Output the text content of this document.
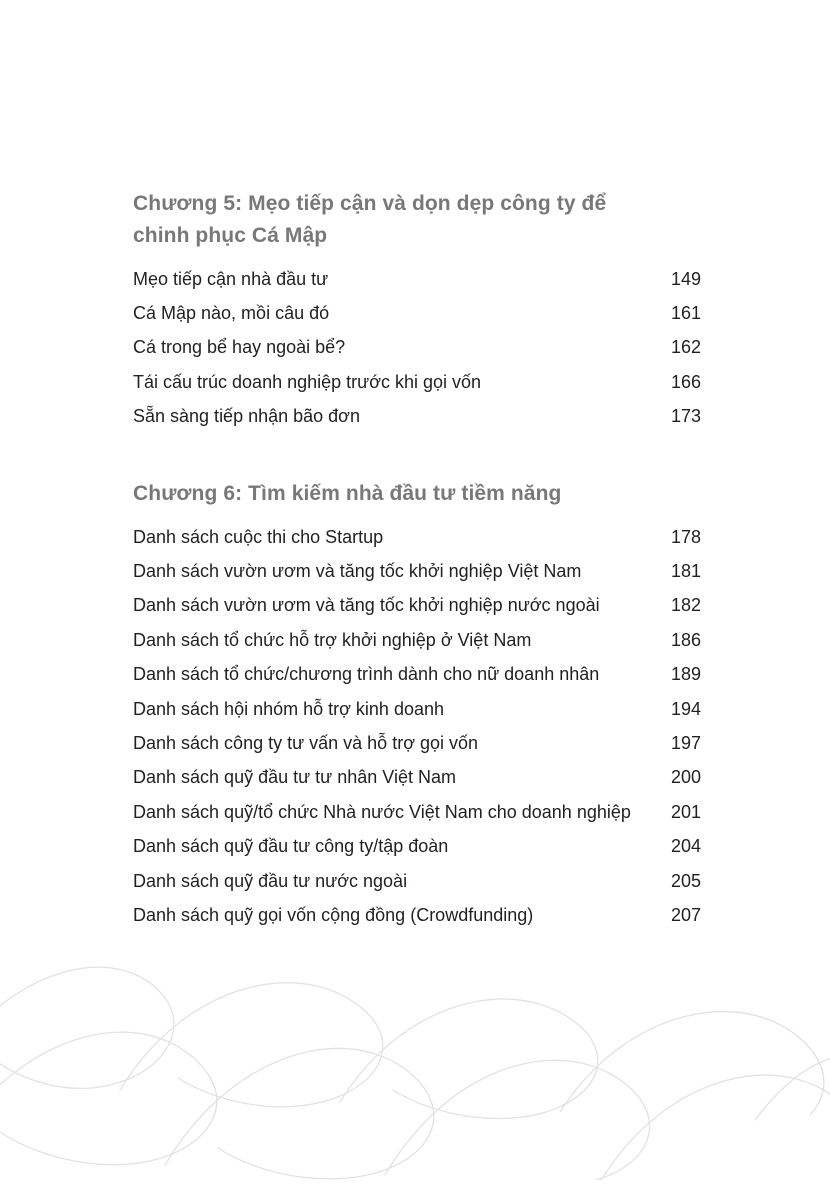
Chương 5: Mẹo tiếp cận và dọn dẹp công ty để chinh phục Cá Mập
Mẹo tiếp cận nhà đầu tư	149
Cá Mập nào, mồi câu đó	161
Cá trong bể hay ngoài bể?	162
Tái cấu trúc doanh nghiệp trước khi gọi vốn	166
Sẵn sàng tiếp nhận bão đơn	173
Chương 6: Tìm kiếm nhà đầu tư tiềm năng
Danh sách cuộc thi cho Startup	178
Danh sách vườn ươm và tăng tốc khởi nghiệp Việt Nam	181
Danh sách vườn ươm và tăng tốc khởi nghiệp nước ngoài	182
Danh sách tổ chức hỗ trợ khởi nghiệp ở Việt Nam	186
Danh sách tổ chức/chương trình dành cho nữ doanh nhân	189
Danh sách hội nhóm hỗ trợ kinh doanh	194
Danh sách công ty tư vấn và hỗ trợ gọi vốn	197
Danh sách quỹ đầu tư tư nhân Việt Nam	200
Danh sách quỹ/tổ chức Nhà nước Việt Nam cho doanh nghiệp	201
Danh sách quỹ đầu tư công ty/tập đoàn	204
Danh sách quỹ đầu tư nước ngoài	205
Danh sách quỹ gọi vốn cộng đồng (Crowdfunding)	207
